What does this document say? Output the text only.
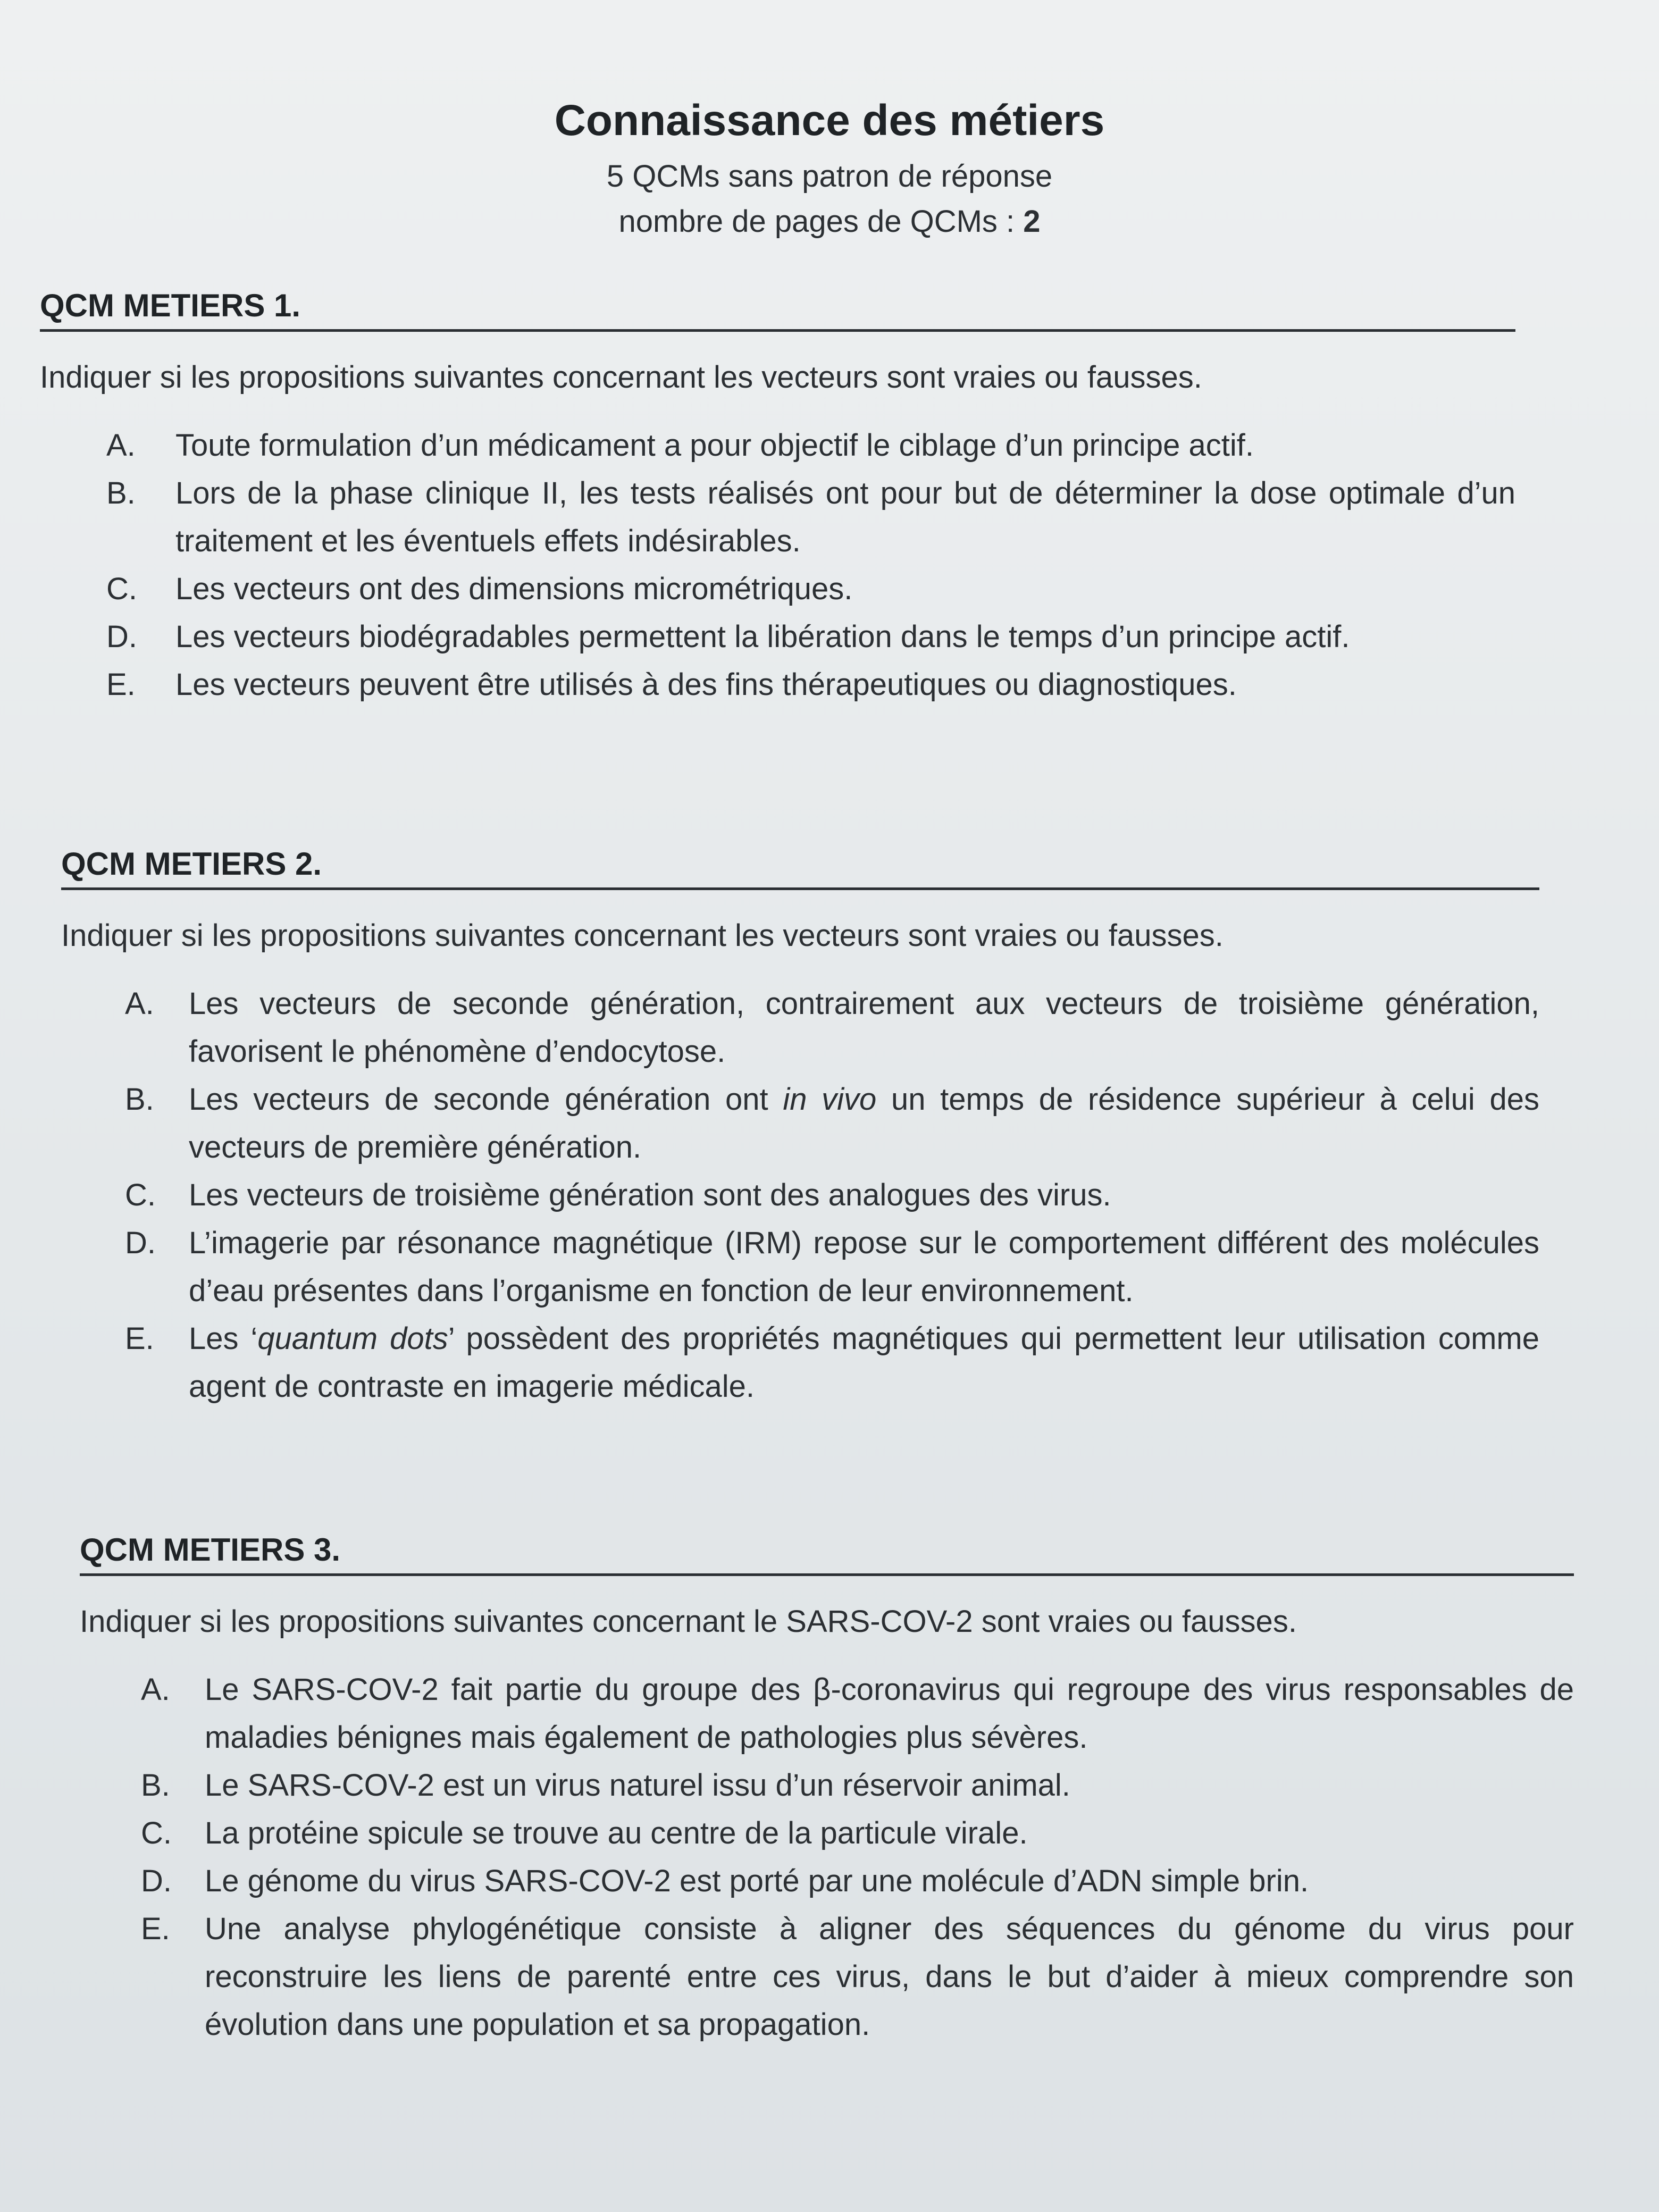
Connaissance des métiers
5 QCMs sans patron de réponse
nombre de pages de QCMs : 2
QCM METIERS 1.

Indiquer si les propositions suivantes concernant les vecteurs sont vraies ou fausses.

A.	Toute formulation d’un médicament a pour objectif le ciblage d’un principe actif.
B.	Lors de la phase clinique II, les tests réalisés ont pour but de déterminer la dose optimale d’un traitement et les éventuels effets indésirables.
C.	Les vecteurs ont des dimensions micrométriques.
D.	Les vecteurs biodégradables permettent la libération dans le temps d’un principe actif.
E.	Les vecteurs peuvent être utilisés à des fins thérapeutiques ou diagnostiques.
QCM METIERS 2.

Indiquer si les propositions suivantes concernant les vecteurs sont vraies ou fausses.

A.	Les vecteurs de seconde génération, contrairement aux vecteurs de troisième génération, favorisent le phénomène d’endocytose.
B.	Les vecteurs de seconde génération ont in vivo un temps de résidence supérieur à celui des vecteurs de première génération.
C.	Les vecteurs de troisième génération sont des analogues des virus.
D.	L’imagerie par résonance magnétique (IRM) repose sur le comportement différent des molécules d’eau présentes dans l’organisme en fonction de leur environnement.
E.	Les ‘quantum dots’ possèdent des propriétés magnétiques qui permettent leur utilisation comme agent de contraste en imagerie médicale.
QCM METIERS 3.

Indiquer si les propositions suivantes concernant le SARS-COV-2 sont vraies ou fausses.

A.	Le SARS-COV-2 fait partie du groupe des β-coronavirus qui regroupe des virus responsables de maladies bénignes mais également de pathologies plus sévères.
B.	Le SARS-COV-2 est un virus naturel issu d’un réservoir animal.
C.	La protéine spicule se trouve au centre de la particule virale.
D.	Le génome du virus SARS-COV-2 est porté par une molécule d’ADN simple brin.
E.	Une analyse phylogénétique consiste à aligner des séquences du génome du virus pour reconstruire les liens de parenté entre ces virus, dans le but d’aider à mieux comprendre son évolution dans une population et sa propagation.
